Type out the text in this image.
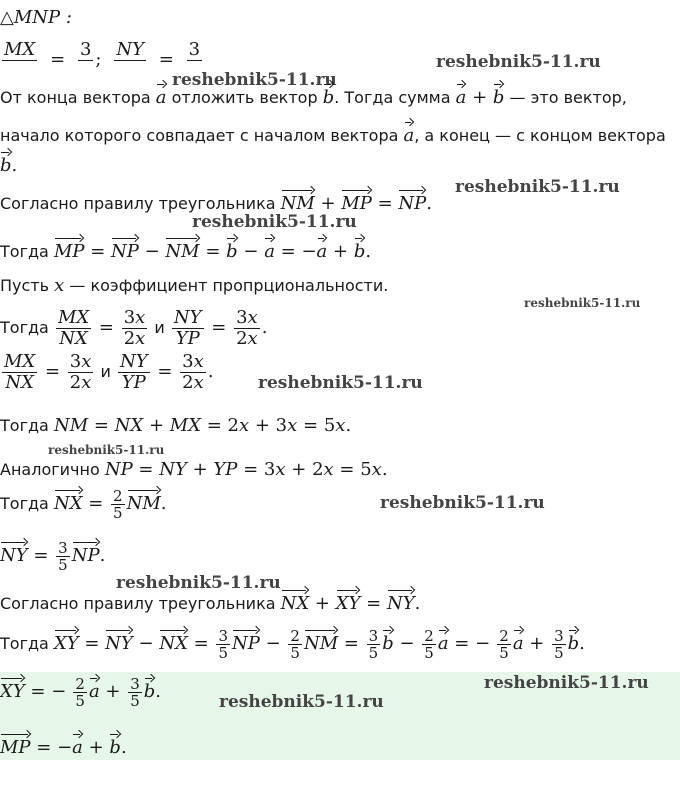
reshebnik5-11.ru
reshebnik5-11.ru
reshebnik5-11.ru
reshebnik5-11.ru
reshebnik5-11.ru
reshebnik5-11.ru
reshebnik5-11.ru
reshebnik5-11.ru
reshebnik5-11.ru
reshebnik5-11.ru
reshebnik5-11.ru
△MNP :
MX
= 3
; NY
= 3

От конца вектора a отложить вектор b. Тогда сумма a + b — это вектор,
начало которого совпадает с началом вектора a, а конец — с концом вектора
b.
Согласно правилу треугольника NM + MP = NP.
Тогда MP = NP − NM = b − a = −a + b.
Пусть x — коэффициент пропрциональности.
Тогда $\frac{MX}{NX} = \frac{3x}{2x}$ и $\frac{NY}{YP} = \frac{3x}{2x}$ .
$\frac{MX}{NX} = \frac{3x}{2x}$ и $\frac{NY}{YP} = \frac{3x}{2x}$ .
Тогда NM = NX + MX = 2x + 3x = 5x.
Аналогично NP = NY + YP = 3x + 2x = 5x.
Тогда NX = $\frac{2}{5}$ NM.
NY = $\frac{3}{5}$ NP.
Согласно правилу треугольника NX + XY = NY.
Тогда XY = NY − NX = $\frac{3}{5}$ NP − $\frac{2}{5}$ NM = $\frac{3}{5}$ $b - \frac{2}{5}$ a = − $\frac{2}{5}$ $a + \frac{3}{5} b$.
XY = − $\frac{2}{5}$ $a + \frac{3}{5} b$.
MP = −a + b.
